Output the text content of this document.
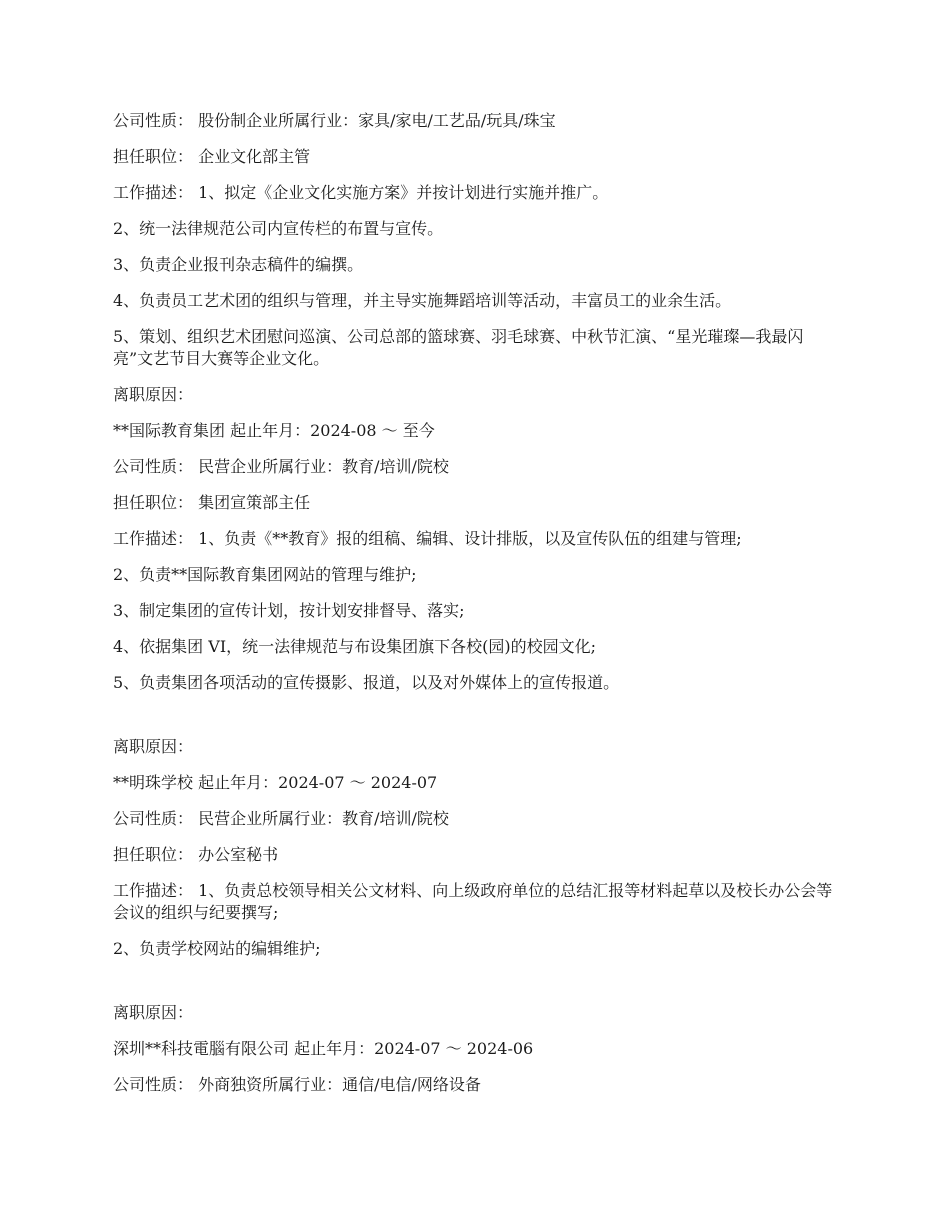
公司性质： 股份制企业所属行业：家具/家电/工艺品/玩具/珠宝

担任职位： 企业文化部主管

工作描述： 1、拟定《企业文化实施方案》并按计划进行实施并推广。

2、统一法律规范公司内宣传栏的布置与宣传。

3、负责企业报刊杂志稿件的编撰。

4、负责员工艺术团的组织与管理，并主导实施舞蹈培训等活动，丰富员工的业余生活。

5、策划、组织艺术团慰问巡演、公司总部的篮球赛、羽毛球赛、中秋节汇演、“星光璀璨—我最闪亮”文艺节目大赛等企业文化。

离职原因：

**国际教育集团 起止年月：2024-08 ～ 至今

公司性质： 民营企业所属行业：教育/培训/院校

担任职位： 集团宣策部主任

工作描述： 1、负责《**教育》报的组稿、编辑、设计排版，以及宣传队伍的组建与管理;

2、负责**国际教育集团网站的管理与维护;

3、制定集团的宣传计划，按计划安排督导、落实;

4、依据集团 VI，统一法律规范与布设集团旗下各校(园)的校园文化;

5、负责集团各项活动的宣传摄影、报道，以及对外媒体上的宣传报道。

离职原因：

**明珠学校 起止年月：2024-07 ～ 2024-07

公司性质： 民营企业所属行业：教育/培训/院校

担任职位： 办公室秘书

工作描述： 1、负责总校领导相关公文材料、向上级政府单位的总结汇报等材料起草以及校长办公会等会议的组织与纪要撰写;

2、负责学校网站的编辑维护;

离职原因：

深圳**科技電腦有限公司 起止年月：2024-07 ～ 2024-06

公司性质： 外商独资所属行业：通信/电信/网络设备
